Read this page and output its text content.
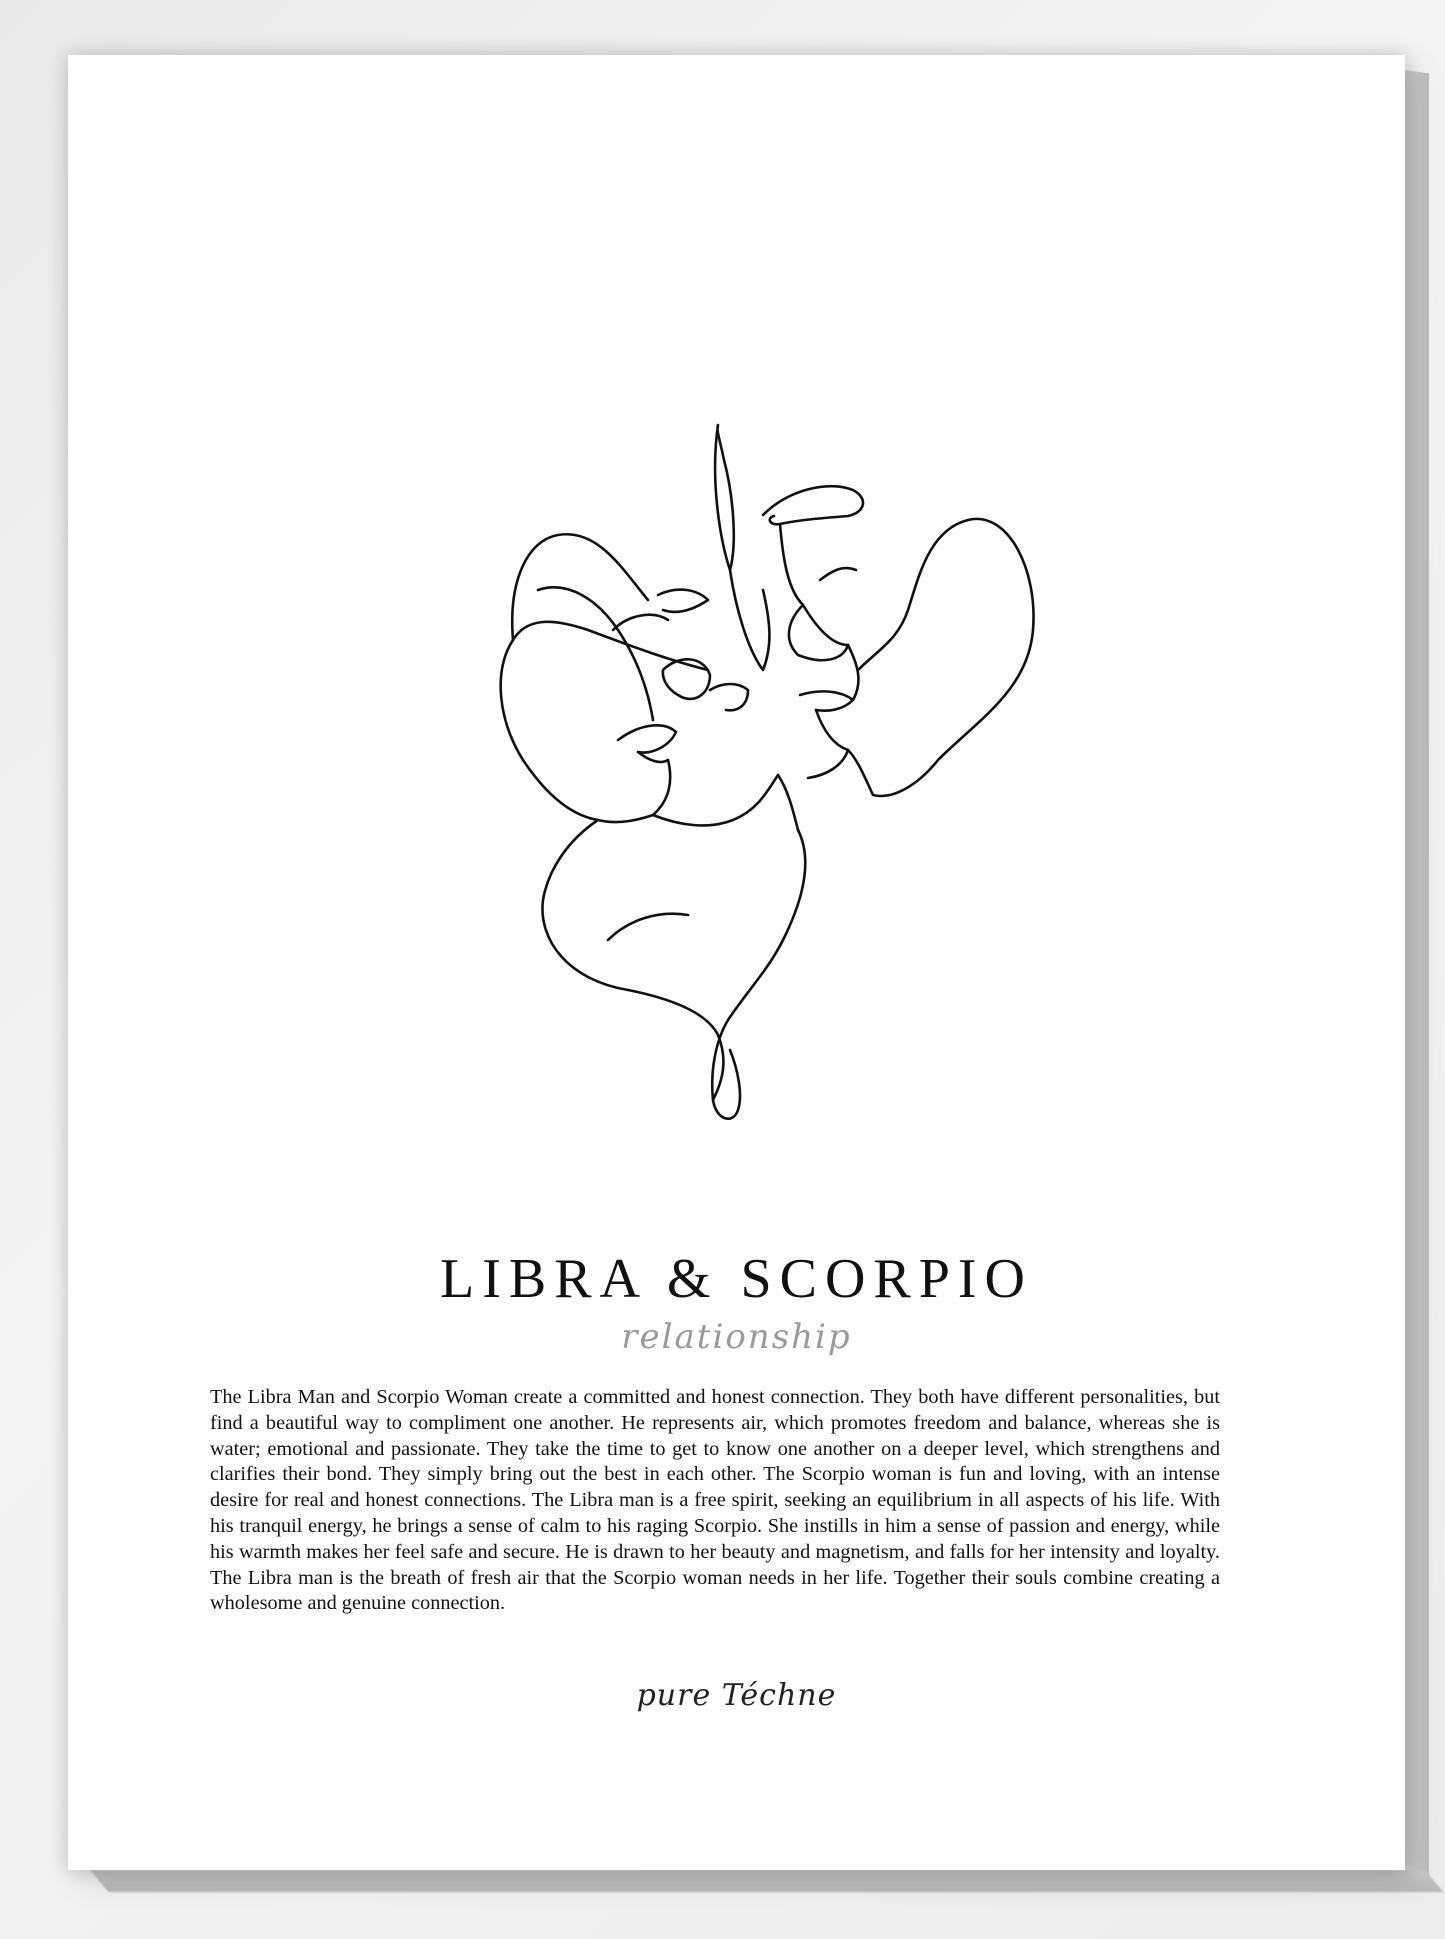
LIBRA & SCORPIO
relationship

The Libra Man and Scorpio Woman create a committed and honest connection. They both have different personalities, but find a beautiful way to compliment one another. He represents air, which promotes freedom and balance, whereas she is water; emotional and passionate. They take the time to get to know one another on a deeper level, which strengthens and clarifies their bond. They simply bring out the best in each other. The Scorpio woman is fun and loving, with an intense desire for real and honest connections. The Libra man is a free spirit, seeking an equilibrium in all aspects of his life. With his tranquil energy, he brings a sense of calm to his raging Scorpio. She instills in him a sense of passion and energy, while his warmth makes her feel safe and secure. He is drawn to her beauty and magnetism, and falls for her intensity and loyalty. The Libra man is the breath of fresh air that the Scorpio woman needs in her life. Together their souls combine creating a wholesome and genuine connection.

pure Téchne
